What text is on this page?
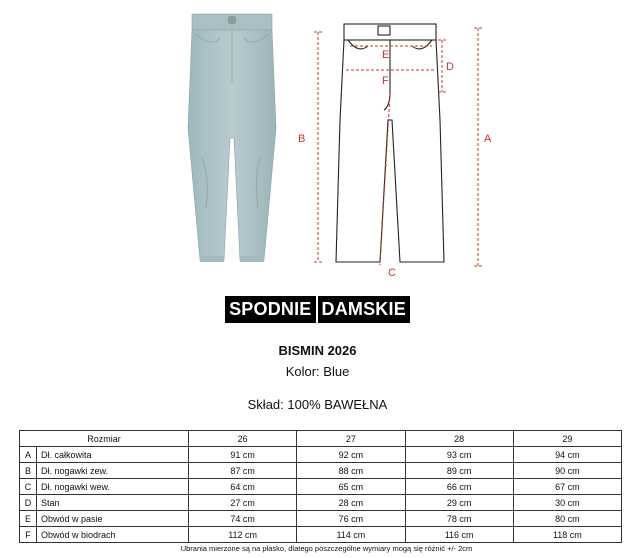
B	A
D
E
F
C
SPODNIE DAMSKIE
BISMIN 2026
Kolor: Blue
Skład: 100% BAWEŁNA
Rozmiar		26	27	28	29
A	Dł. całkowita	91 cm	92 cm	93 cm	94 cm
B	Dł. nogawki zew.	87 cm	88 cm	89 cm	90 cm
C	Dł. nogawki wew.	64 cm	65 cm	66 cm	67 cm
D	Stan	27 cm	28 cm	29 cm	30 cm
E	Obwód w pasie	74 cm	76 cm	78 cm	80 cm
F	Obwód w biodrach	112 cm	114 cm	116 cm	118 cm
Ubrania mierzone są na płasko, dlatego poszczególne wymiary mogą się różnić +/- 2cm
